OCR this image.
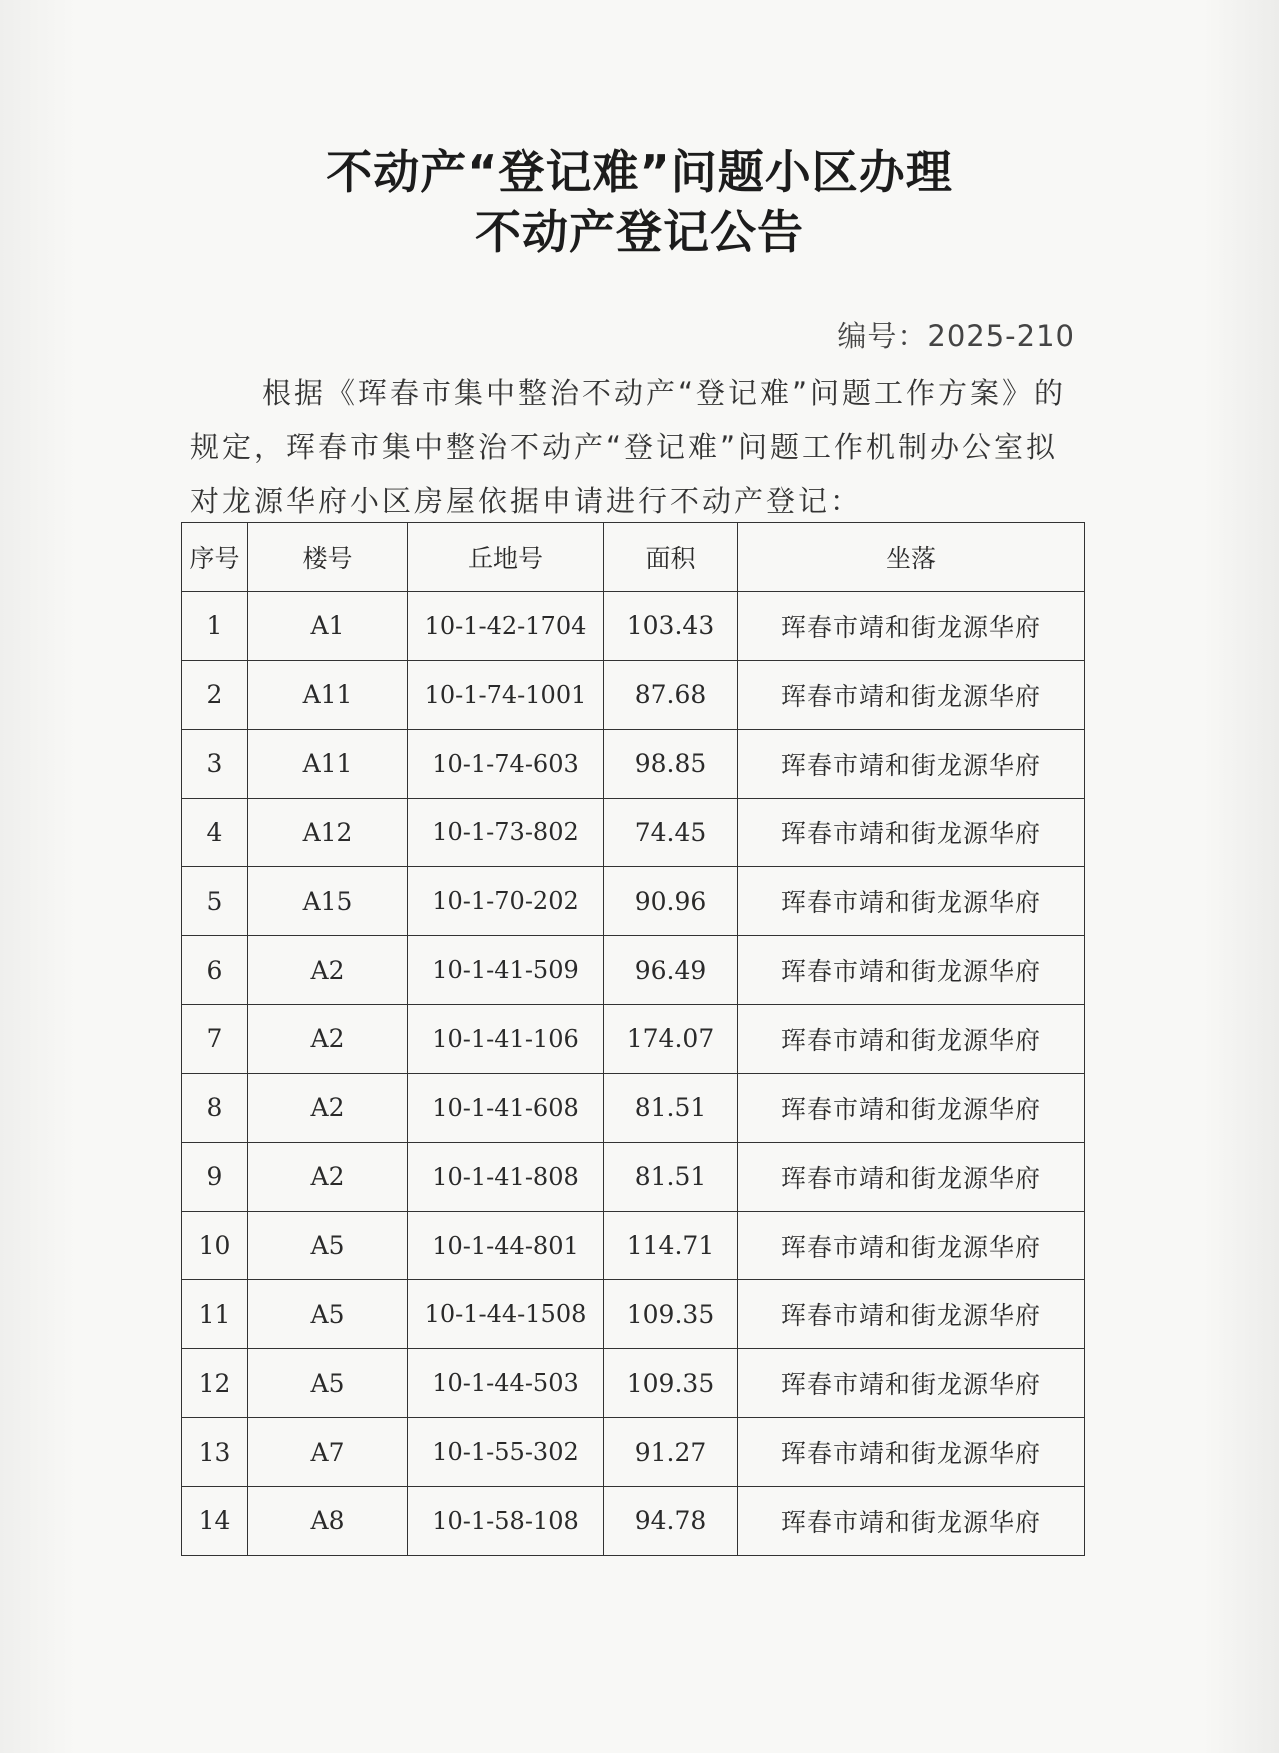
不动产“登记难”问题小区办理
不动产登记公告
编号：2025-210
根据《珲春市集中整治不动产“登记难”问题工作方案》的规定，珲春市集中整治不动产“登记难”问题工作机制办公室拟对龙源华府小区房屋依据申请进行不动产登记：
序号	楼号	丘地号	面积	坐落
1	A1	10-1-42-1704	103.43	珲春市靖和街龙源华府
2	A11	10-1-74-1001	87.68	珲春市靖和街龙源华府
3	A11	10-1-74-603	98.85	珲春市靖和街龙源华府
4	A12	10-1-73-802	74.45	珲春市靖和街龙源华府
5	A15	10-1-70-202	90.96	珲春市靖和街龙源华府
6	A2	10-1-41-509	96.49	珲春市靖和街龙源华府
7	A2	10-1-41-106	174.07	珲春市靖和街龙源华府
8	A2	10-1-41-608	81.51	珲春市靖和街龙源华府
9	A2	10-1-41-808	81.51	珲春市靖和街龙源华府
10	A5	10-1-44-801	114.71	珲春市靖和街龙源华府
11	A5	10-1-44-1508	109.35	珲春市靖和街龙源华府
12	A5	10-1-44-503	109.35	珲春市靖和街龙源华府
13	A7	10-1-55-302	91.27	珲春市靖和街龙源华府
14	A8	10-1-58-108	94.78	珲春市靖和街龙源华府
